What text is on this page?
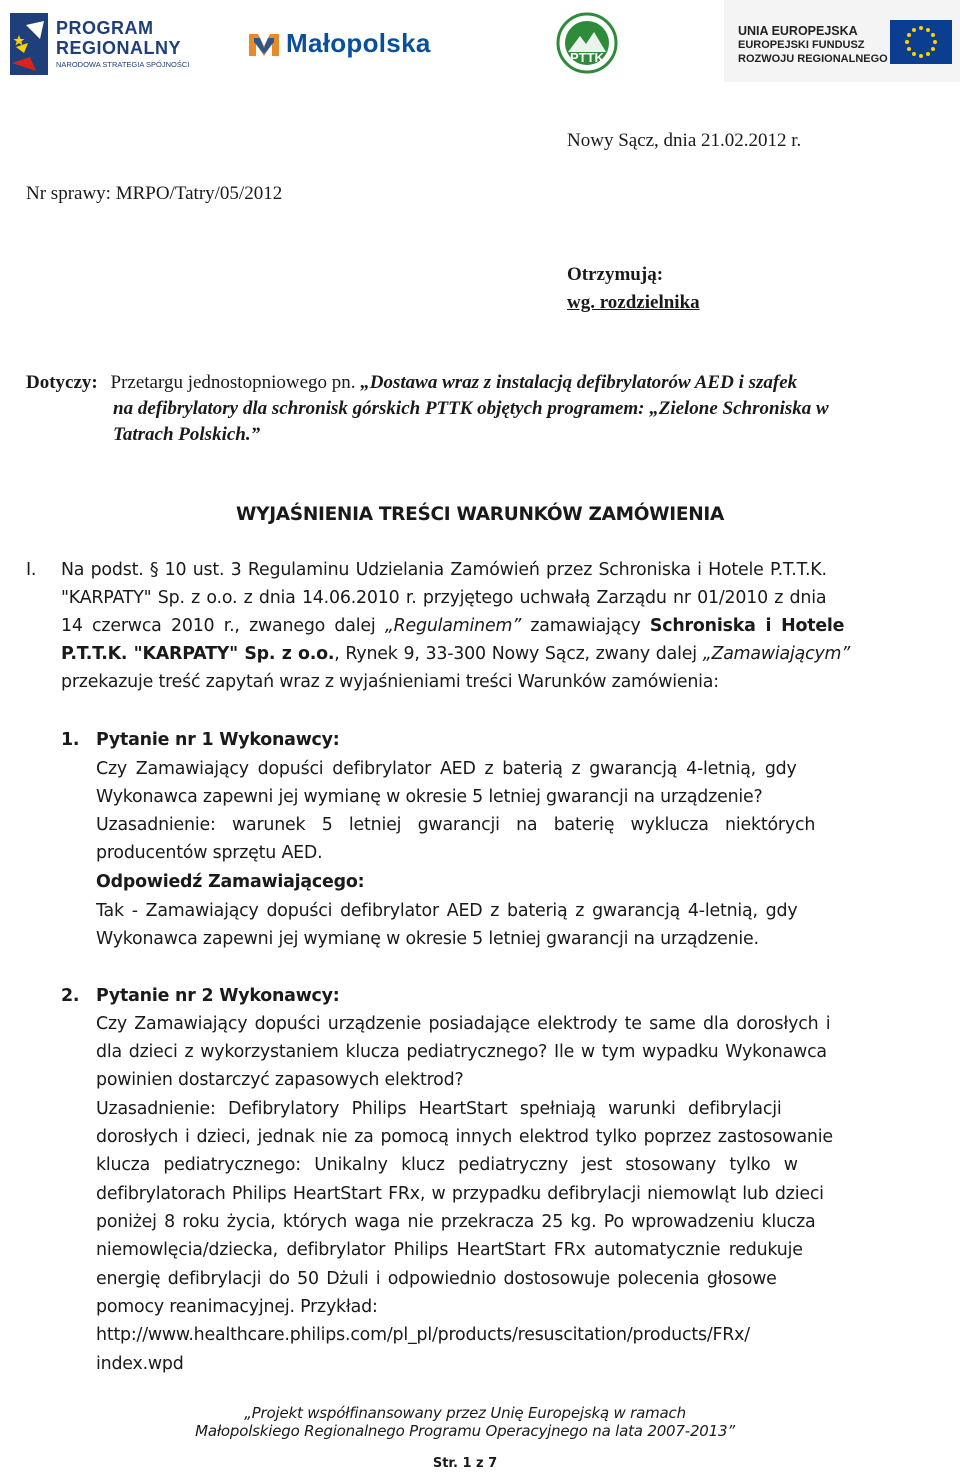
PROGRAM
REGIONALNY
NARODOWA STRATEGIA SPÓJNOŚCI
Małopolska	PTTK
UNIA EUROPEJSKA
EUROPEJSKI FUNDUSZ
ROZWOJU REGIONALNEGO
Nowy Sącz, dnia 21.02.2012 r.
Nr sprawy: MRPO/Tatry/05/2012
Otrzymują:
wg. rozdzielnika
Dotyczy: Przetargu jednostopniowego pn. „Dostawa wraz z instalacją defibrylatorów AED i szafek
na defibrylatory dla schronisk górskich PTTK objętych programem: „Zielone Schroniska w
Tatrach Polskich.”
WYJAŚNIENIA TREŚCI WARUNKÓW ZAMÓWIENIA
I. Na podst. § 10 ust. 3 Regulaminu Udzielania Zamówień przez Schroniska i Hotele P.T.T.K.
"KARPATY" Sp. z o.o. z dnia 14.06.2010 r. przyjętego uchwałą Zarządu nr 01/2010 z dnia
14 czerwca 2010 r., zwanego dalej „Regulaminem” zamawiający Schroniska i Hotele
P.T.T.K. "KARPATY" Sp. z o.o., Rynek 9, 33-300 Nowy Sącz, zwany dalej „Zamawiającym”
przekazuje treść zapytań wraz z wyjaśnieniami treści Warunków zamówienia:
1. Pytanie nr 1 Wykonawcy:
Czy Zamawiający dopuści defibrylator AED z baterią z gwarancją 4-letnią, gdy
Wykonawca zapewni jej wymianę w okresie 5 letniej gwarancji na urządzenie?
Uzasadnienie: warunek 5 letniej gwarancji na baterię wyklucza niektórych
producentów sprzętu AED.
Odpowiedź Zamawiającego:
Tak - Zamawiający dopuści defibrylator AED z baterią z gwarancją 4-letnią, gdy
Wykonawca zapewni jej wymianę w okresie 5 letniej gwarancji na urządzenie.
2. Pytanie nr 2 Wykonawcy:
Czy Zamawiający dopuści urządzenie posiadające elektrody te same dla dorosłych i
dla dzieci z wykorzystaniem klucza pediatrycznego? Ile w tym wypadku Wykonawca
powinien dostarczyć zapasowych elektrod?
Uzasadnienie: Defibrylatory Philips HeartStart spełniają warunki defibrylacji
dorosłych i dzieci, jednak nie za pomocą innych elektrod tylko poprzez zastosowanie
klucza pediatrycznego: Unikalny klucz pediatryczny jest stosowany tylko w
defibrylatorach Philips HeartStart FRx, w przypadku defibrylacji niemowląt lub dzieci
poniżej 8 roku życia, których waga nie przekracza 25 kg. Po wprowadzeniu klucza
niemowlęcia/dziecka, defibrylator Philips HeartStart FRx automatycznie redukuje
energię defibrylacji do 50 Dżuli i odpowiednio dostosowuje polecenia głosowe
pomocy reanimacyjnej. Przykład:
http://www.healthcare.philips.com/pl_pl/products/resuscitation/products/FRx/
index.wpd
„Projekt współfinansowany przez Unię Europejską w ramach
Małopolskiego Regionalnego Programu Operacyjnego na lata 2007-2013”
Str. 1 z 7
